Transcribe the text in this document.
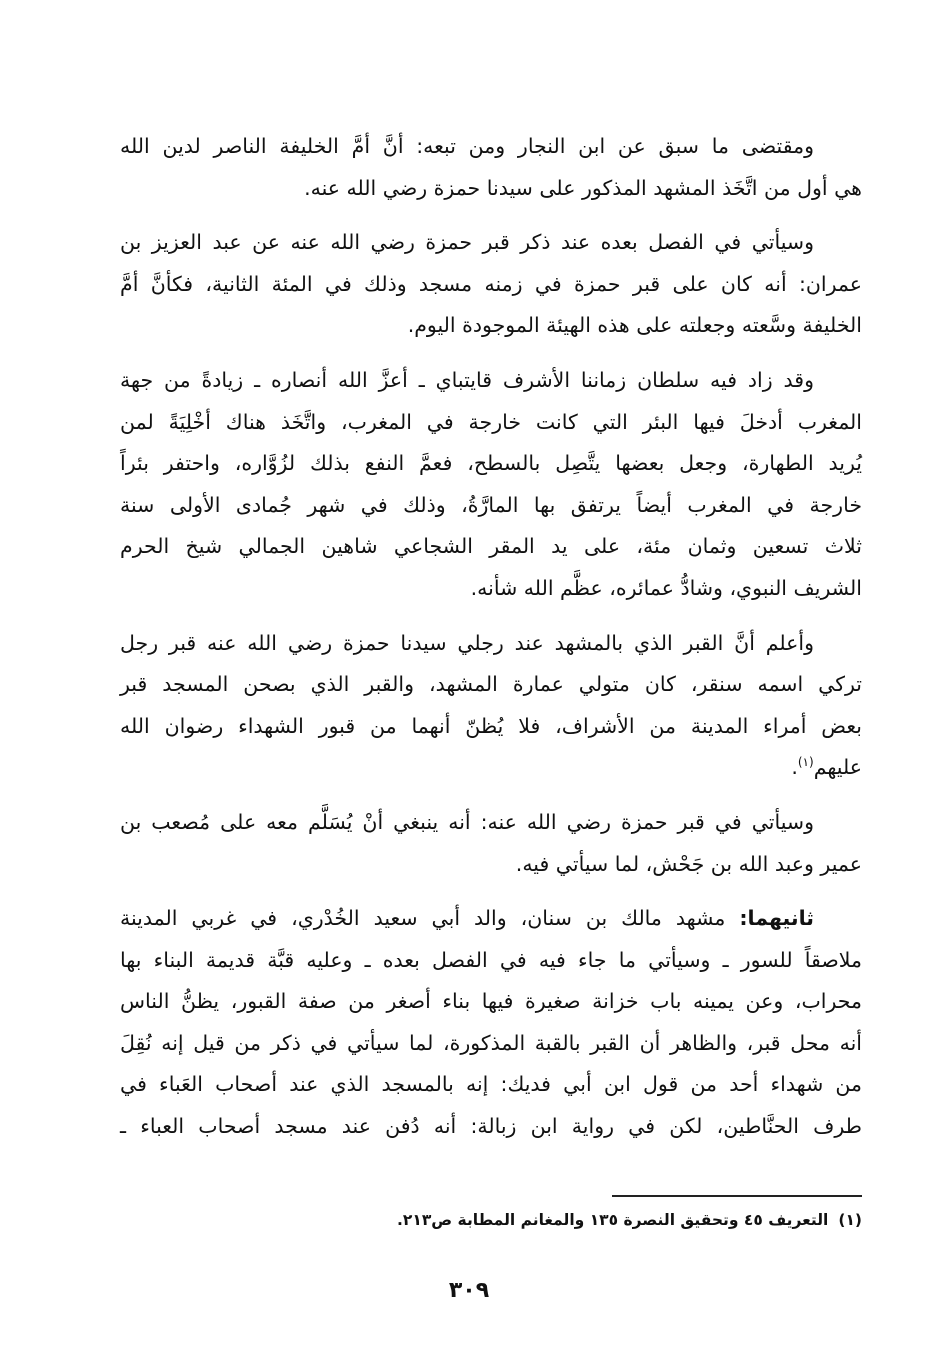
ومقتضى ما سبق عن ابن النجار ومن تبعه: أنَّ أمَّ الخليفة الناصر لدين الله
هي أول من اتَّخَذ المشهد المذكور على سيدنا حمزة رضي الله عنه.
وسيأتي في الفصل بعده عند ذكر قبر حمزة رضي الله عنه عن عبد العزيز بن
عمران: أنه كان على قبر حمزة في زمنه مسجد وذلك في المئة الثانية، فكأنَّ أمَّ
الخليفة وسَّعته وجعلته على هذه الهيئة الموجودة اليوم.
وقد زاد فيه سلطان زماننا الأشرف قايتباي ـ أعزَّ الله أنصاره ـ زيادةً من جهة
المغرب أدخلَ فيها البئر التي كانت خارجة في المغرب، واتَّخَذ هناك أخْلِيَةً لمن
يُريد الطهارة، وجعل بعضها يتَّصِل بالسطح، فعمَّ النفع بذلك لزُوَّاره، واحتفر بئراً
خارجة في المغرب أيضاً يرتفق بها المارَّةُ، وذلك في شهر جُمادى الأولى سنة
ثلاث تسعين وثمان مئة، على يد المقر الشجاعي شاهين الجمالي شيخ الحرم
الشريف النبوي، وشادُّ عمائره، عظَّم الله شأنه.
وأعلم أنَّ القبر الذي بالمشهد عند رجلي سيدنا حمزة رضي الله عنه قبر رجل
تركي اسمه سنقر، كان متولي عمارة المشهد، والقبر الذي بصحن المسجد قبر
بعض أمراء المدينة من الأشراف، فلا يُظنّ أنهما من قبور الشهداء رضوان الله
عليهم$^{(١)}$.
وسيأتي في قبر حمزة رضي الله عنه: أنه ينبغي أنْ يُسَلَّم معه على مُصعب بن
عمير وعبد الله بن جَحْش، لما سيأتي فيه.
ثانيهما: مشهد مالك بن سنان، والد أبي سعيد الخُدْري، في غربي المدينة
ملاصقاً للسور ـ وسيأتي ما جاء فيه في الفصل بعده ـ وعليه قبَّة قديمة البناء بها
محراب، وعن يمينه باب خزانة صغيرة فيها بناء أصغر من صفة القبور، يظنُّ الناس
أنه محل قبر، والظاهر أن القبر بالقبة المذكورة، لما سيأتي في ذكر من قيل إنه نُقِلَ
من شهداء أحد من قول ابن أبي فديك: إنه بالمسجد الذي عند أصحاب العَباء في
طرف الحنَّاطين، لكن في رواية ابن زبالة: أنه دُفن عند مسجد أصحاب العباء ـ
(١)التعريف ٤٥ وتحقيق النصرة ١٣٥ والمغانم المطابة ص٢١٣.
٣٠٩
